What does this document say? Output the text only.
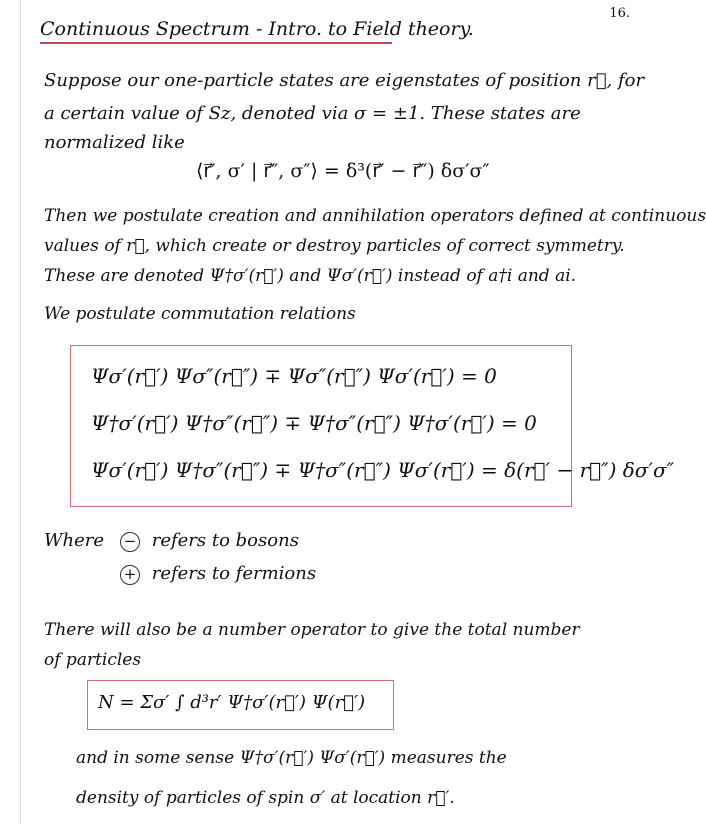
16.
Continuous Spectrum - Intro. to Field theory.
Suppose our one-particle states are eigenstates of position r⃗, for
a certain value of Sz, denoted via σ = ±1. These states are
normalized like
⟨r⃗′, σ′ | r⃗″, σ″⟩ = δ³(r⃗′ − r⃗″) δσ′σ″
Then we postulate creation and annihilation operators defined at continuous
values of r⃗, which create or destroy particles of correct symmetry.
These are denoted Ψ†σ′(r⃗′) and Ψσ′(r⃗′) instead of a†i and ai.
We postulate commutation relations
Ψσ′(r⃗′) Ψσ″(r⃗″) ∓ Ψσ″(r⃗″) Ψσ′(r⃗′) = 0
Ψ†σ′(r⃗′) Ψ†σ″(r⃗″) ∓ Ψ†σ″(r⃗″) Ψ†σ′(r⃗′) = 0
Ψσ′(r⃗′) Ψ†σ″(r⃗″) ∓ Ψ†σ″(r⃗″) Ψσ′(r⃗′) = δ(r⃗′ − r⃗″) δσ′σ″
Where − refers to bosons
+ refers to fermions
There will also be a number operator to give the total number
of particles
N = Σσ′ ∫ d³r′ Ψ†σ′(r⃗′) Ψ(r⃗′)
and in some sense Ψ†σ′(r⃗′) Ψσ′(r⃗′) measures the
density of particles of spin σ′ at location r⃗′.
